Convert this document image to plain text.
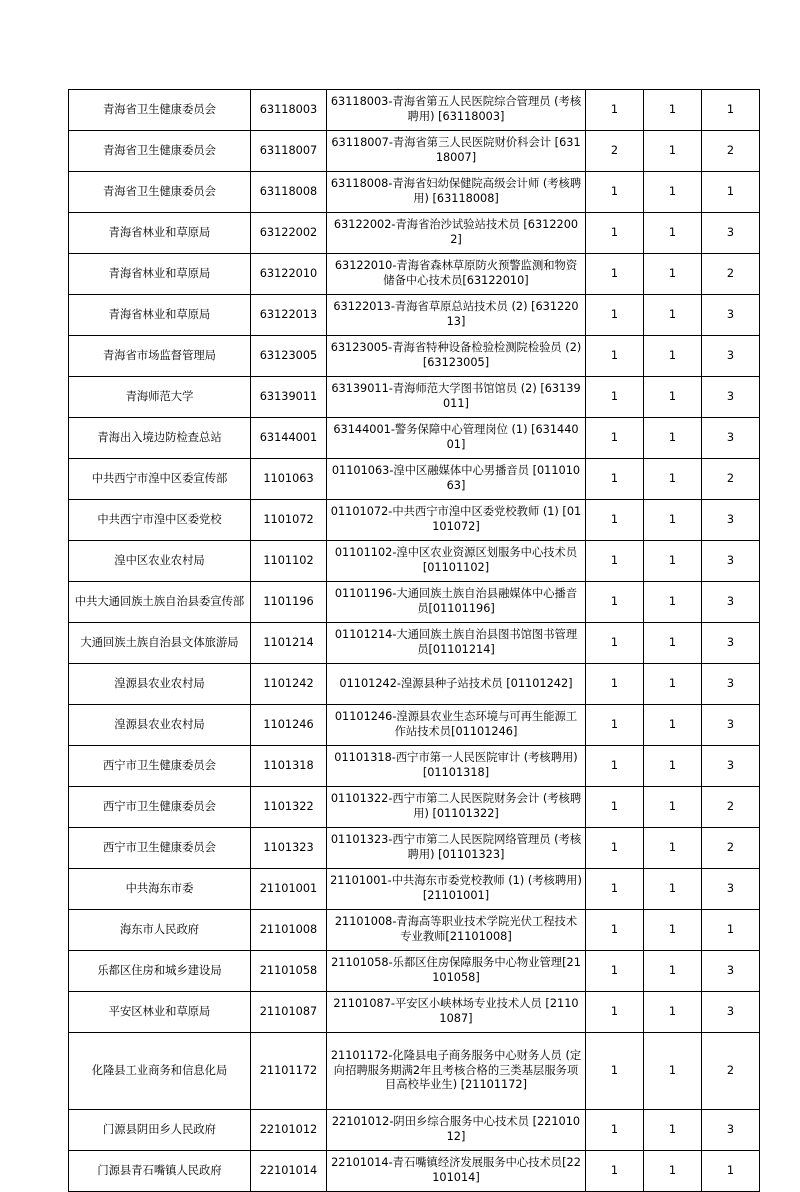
青海省卫生健康委员会	63118003	63118003-青海省第五人民医院综合管理员 (考核聘用) [63118003]	1	1	1
青海省卫生健康委员会	63118007	63118007-青海省第三人民医院财价科会计 [63118007]	2	1	2
青海省卫生健康委员会	63118008	63118008-青海省妇幼保健院高级会计师 (考核聘用) [63118008]	1	1	1
青海省林业和草原局	63122002	63122002-青海省治沙试验站技术员 [63122002]	1	1	3
青海省林业和草原局	63122010	63122010-青海省森林草原防火预警监测和物资储备中心技术员[63122010]	1	1	2
青海省林业和草原局	63122013	63122013-青海省草原总站技术员 (2) [63122013]	1	1	3
青海省市场监督管理局	63123005	63123005-青海省特种设备检验检测院检验员 (2) [63123005]	1	1	3
青海师范大学	63139011	63139011-青海师范大学图书馆馆员 (2) [63139011]	1	1	3
青海出入境边防检查总站	63144001	63144001-警务保障中心管理岗位 (1) [63144001]	1	1	3
中共西宁市湟中区委宣传部	1101063	01101063-湟中区融媒体中心男播音员 [01101063]	1	1	2
中共西宁市湟中区委党校	1101072	01101072-中共西宁市湟中区委党校教师 (1) [01101072]	1	1	3
湟中区农业农村局	1101102	01101102-湟中区农业资源区划服务中心技术员[01101102]	1	1	3
中共大通回族土族自治县委宣传部	1101196	01101196-大通回族土族自治县融媒体中心播音员[01101196]	1	1	3
大通回族土族自治县文体旅游局	1101214	01101214-大通回族土族自治县图书馆图书管理员[01101214]	1	1	3
湟源县农业农村局	1101242	01101242-湟源县种子站技术员 [01101242]	1	1	3
湟源县农业农村局	1101246	01101246-湟源县农业生态环境与可再生能源工作站技术员[01101246]	1	1	3
西宁市卫生健康委员会	1101318	01101318-西宁市第一人民医院审计 (考核聘用) [01101318]	1	1	3
西宁市卫生健康委员会	1101322	01101322-西宁市第二人民医院财务会计 (考核聘用) [01101322]	1	1	2
西宁市卫生健康委员会	1101323	01101323-西宁市第二人民医院网络管理员 (考核聘用) [01101323]	1	1	2
中共海东市委	21101001	21101001-中共海东市委党校教师 (1) (考核聘用) [21101001]	1	1	3
海东市人民政府	21101008	21101008-青海高等职业技术学院光伏工程技术专业教师[21101008]	1	1	1
乐都区住房和城乡建设局	21101058	21101058-乐都区住房保障服务中心物业管理[21101058]	1	1	3
平安区林业和草原局	21101087	21101087-平安区小峡林场专业技术人员 [21101087]	1	1	3
化隆县工业商务和信息化局	21101172	21101172-化隆县电子商务服务中心财务人员 (定向招聘服务期满2年且考核合格的三类基层服务项目高校毕业生) [21101172]	1	1	2
门源县阴田乡人民政府	22101012	22101012-阴田乡综合服务中心技术员 [22101012]	1	1	3
门源县青石嘴镇人民政府	22101014	22101014-青石嘴镇经济发展服务中心技术员[22101014]	1	1	1
